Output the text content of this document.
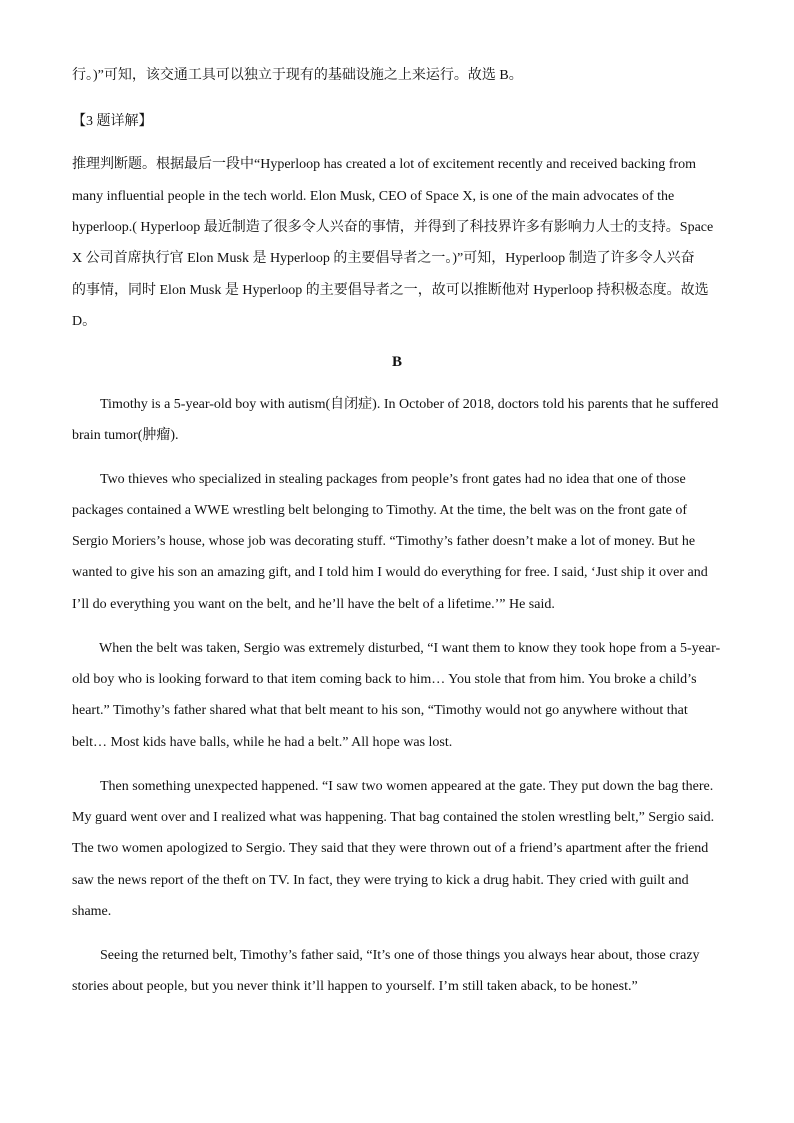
行。)”可知，该交通工具可以独立于现有的基础设施之上来运行。故选 B。
【3 题详解】
推理判断题。根据最后一段中“Hyperloop has created a lot of excitement recently and received backing from
many influential people in the tech world. Elon Musk, CEO of Space X, is one of the main advocates of the
hyperloop.( Hyperloop 最近制造了很多令人兴奋的事情，并得到了科技界许多有影响力人士的支持。Space
X 公司首席执行官 Elon Musk 是 Hyperloop 的主要倡导者之一。)”可知，Hyperloop 制造了许多令人兴奋
的事情，同时 Elon Musk 是 Hyperloop 的主要倡导者之一，故可以推断他对 Hyperloop 持积极态度。故选
D。
B
Timothy is a 5-year-old boy with autism(自闭症). In October of 2018, doctors told his parents that he suffered
brain tumor(肿瘤).
Two thieves who specialized in stealing packages from people’s front gates had no idea that one of those
packages contained a WWE wrestling belt belonging to Timothy. At the time, the belt was on the front gate of
Sergio Moriers’s house, whose job was decorating stuff. “Timothy’s father doesn’t make a lot of money. But he
wanted to give his son an amazing gift, and I told him I would do everything for free. I said, ‘Just ship it over and
I’ll do everything you want on the belt, and he’ll have the belt of a lifetime.’” He said.
When the belt was taken, Sergio was extremely disturbed, “I want them to know they took hope from a 5-year-
old boy who is looking forward to that item coming back to him… You stole that from him. You broke a child’s
heart.” Timothy’s father shared what that belt meant to his son, “Timothy would not go anywhere without that
belt… Most kids have balls, while he had a belt.” All hope was lost.
Then something unexpected happened. “I saw two women appeared at the gate. They put down the bag there.
My guard went over and I realized what was happening. That bag contained the stolen wrestling belt,” Sergio said.
The two women apologized to Sergio. They said that they were thrown out of a friend’s apartment after the friend
saw the news report of the theft on TV. In fact, they were trying to kick a drug habit. They cried with guilt and
shame.
Seeing the returned belt, Timothy’s father said, “It’s one of those things you always hear about, those crazy
stories about people, but you never think it’ll happen to yourself. I’m still taken aback, to be honest.”
